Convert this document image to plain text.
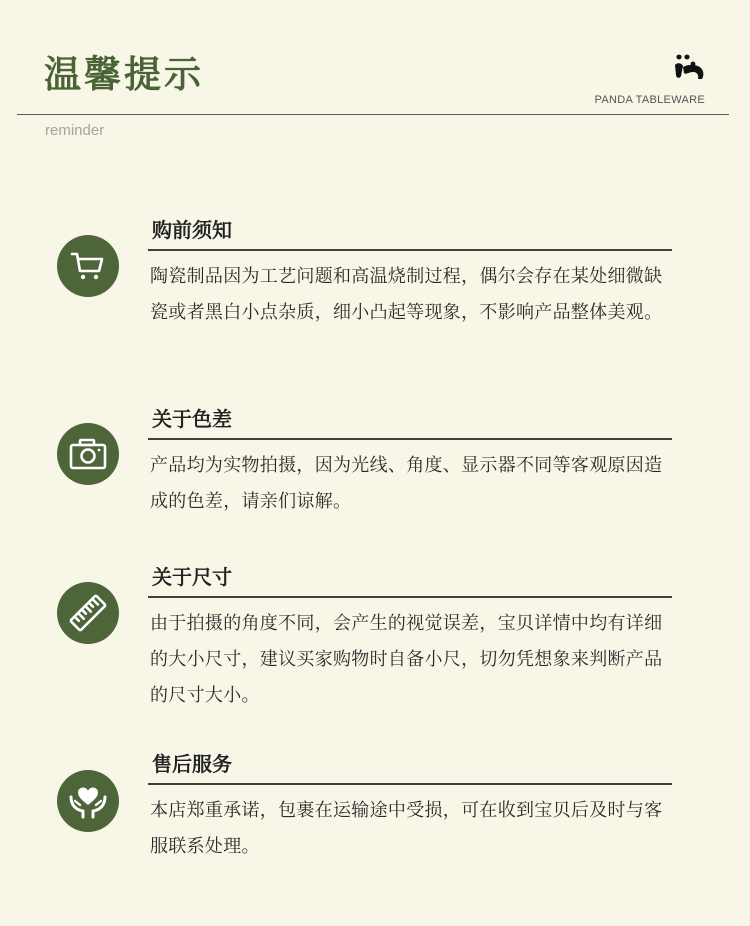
温馨提示
PANDA TABLEWARE
reminder
购前须知

陶瓷制品因为工艺问题和高温烧制过程，偶尔会存在某处细微缺瓷或者黑白小点杂质，细小凸起等现象，不影响产品整体美观。

关于色差

产品均为实物拍摄，因为光线、角度、显示器不同等客观原因造成的色差，请亲们谅解。

关于尺寸

由于拍摄的角度不同，会产生的视觉误差，宝贝详情中均有详细的大小尺寸，建议买家购物时自备小尺，切勿凭想象来判断产品的尺寸大小。

售后服务

本店郑重承诺，包裹在运输途中受损，可在收到宝贝后及时与客服联系处理。
